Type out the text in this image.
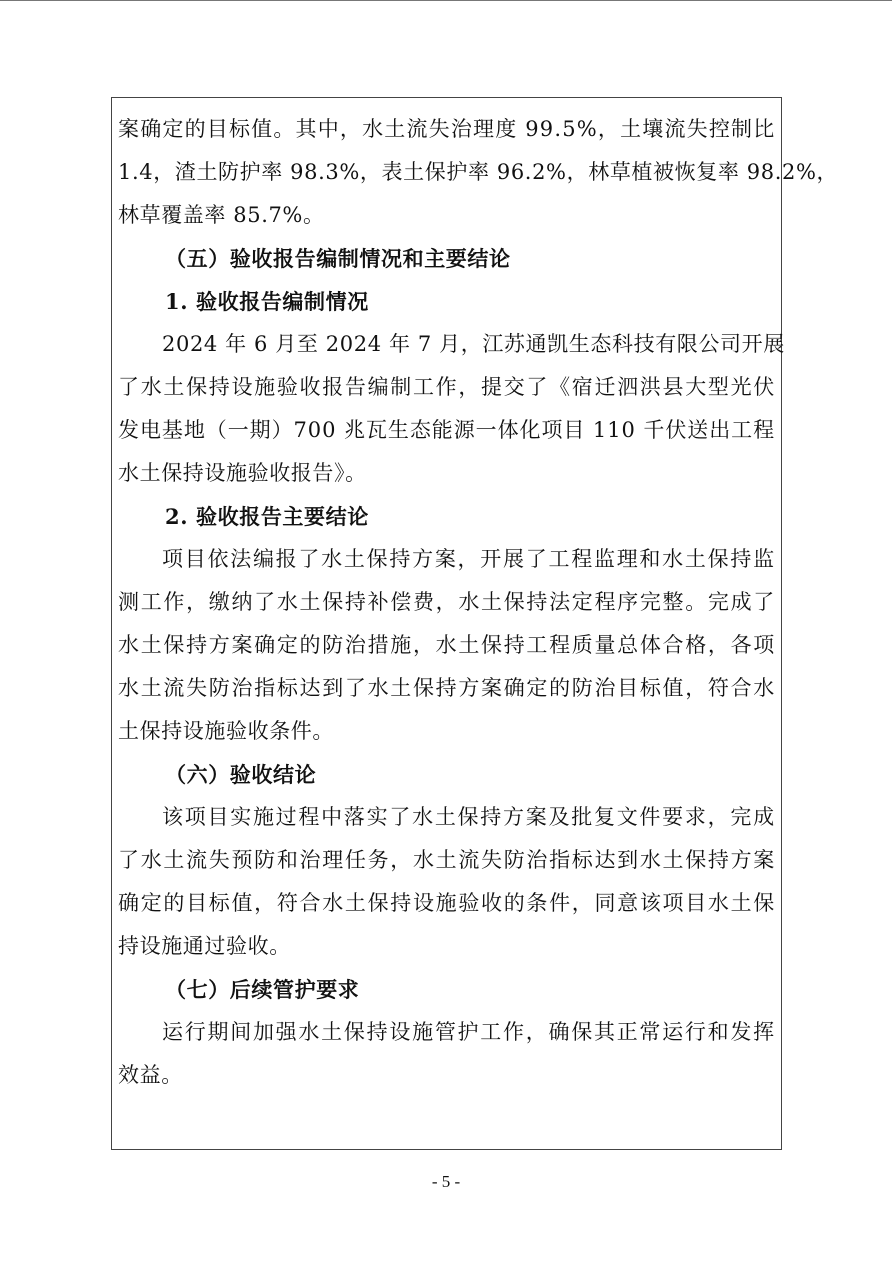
案 确 定 的 目 标 值 。 其 中 ， 水 土 流 失 治 理 度
9 9 . 5 % ， 土 壤 流 失 控 制 比
1 . 4 ， 渣 土 防 护 率
9 8 . 3 % ， 表 土 保 护 率
9 6 . 2 % ， 林 草 植 被 恢 复 率
9 8 . 2 % ，
林草覆盖率 85.7%。
（五）验收报告编制情况和主要结论
1. 验收报告编制情况
2 0 2 4
年
6
月 至
2 0 2 4
年
7
月 ， 江 苏 通 凯 生 态 科 技 有 限 公 司 开 展
了 水 土 保 持 设 施 验 收 报 告 编 制 工 作 ， 提 交 了 《 宿 迁 泗 洪 县 大 型 光 伏
发 电 基 地 （ 一 期 ） 7 0 0
兆 瓦 生 态 能 源 一 体 化 项 目
1 1 0
千 伏 送 出 工 程
水土保持设施验收报告》。
2. 验收报告主要结论
项 目 依 法 编 报 了 水 土 保 持 方 案 ， 开 展 了 工 程 监 理 和 水 土 保 持 监
测 工 作 ， 缴 纳 了 水 土 保 持 补 偿 费 ， 水 土 保 持 法 定 程 序 完 整 。 完 成 了
水 土 保 持 方 案 确 定 的 防 治 措 施 ， 水 土 保 持 工 程 质 量 总 体 合 格 ， 各 项
水 土 流 失 防 治 指 标 达 到 了 水 土 保 持 方 案 确 定 的 防 治 目 标 值 ， 符 合 水
土保持设施验收条件。
（六）验收结论
该 项 目 实 施 过 程 中 落 实 了 水 土 保 持 方 案 及 批 复 文 件 要 求 ， 完 成
了 水 土 流 失 预 防 和 治 理 任 务 ， 水 土 流 失 防 治 指 标 达 到 水 土 保 持 方 案
确 定 的 目 标 值 ， 符 合 水 土 保 持 设 施 验 收 的 条 件 ， 同 意 该 项 目 水 土 保
持设施通过验收。
（七）后续管护要求
运 行 期 间 加 强 水 土 保 持 设 施 管 护 工 作 ， 确 保 其 正 常 运 行 和 发 挥
效益。
- 5 -
